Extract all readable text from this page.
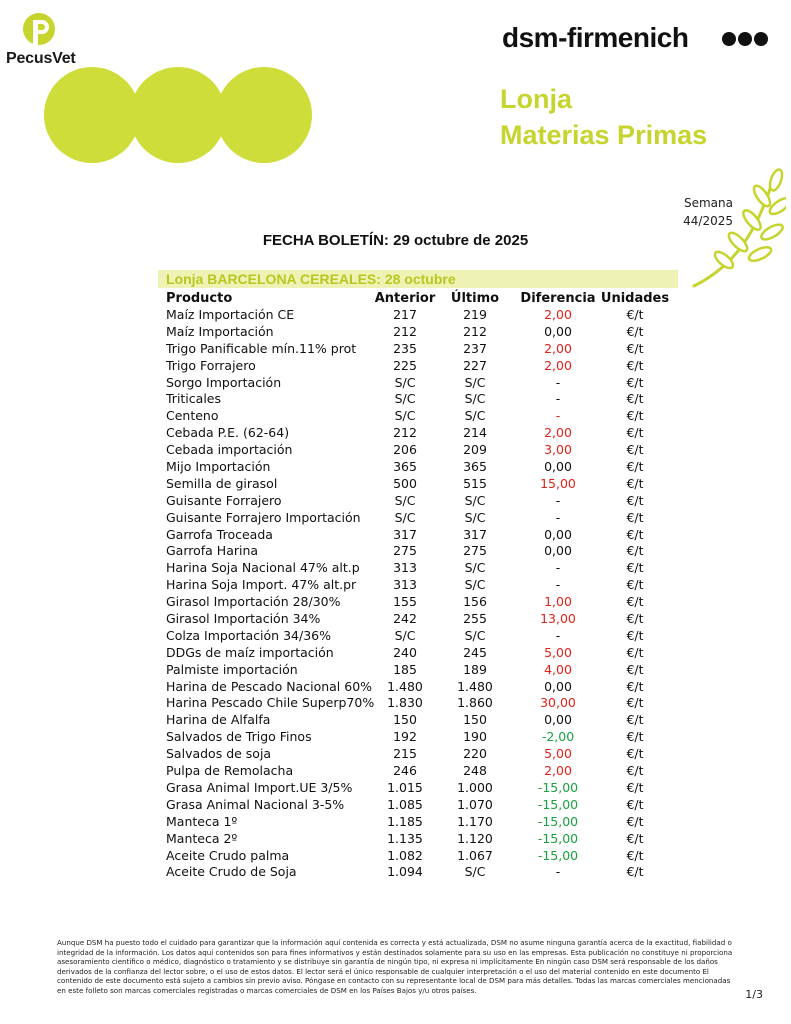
PecusVet
dsm-firmenich
Lonja
Materias Primas
Semana
44/2025
FECHA BOLETÍN: 29 octubre de 2025
Lonja BARCELONA CEREALES: 28 octubre
Producto	Anterior	Último	Diferencia Unidades
Maíz Importación CE	217	219	2,00	€/t
Maíz Importación	212	212	0,00	€/t
Trigo Panificable mín.11% prot	235	237	2,00	€/t
Trigo Forrajero	225	227	2,00	€/t
Sorgo Importación	S/C	S/C	-	€/t
Triticales	S/C	S/C	-	€/t
Centeno	S/C	S/C	-	€/t
Cebada P.E. (62-64)	212	214	2,00	€/t
Cebada importación	206	209	3,00	€/t
Mijo Importación	365	365	0,00	€/t
Semilla de girasol	500	515	15,00	€/t
Guisante Forrajero	S/C	S/C	-	€/t
Guisante Forrajero Importación	S/C	S/C	-	€/t
Garrofa Troceada	317	317	0,00	€/t
Garrofa Harina	275	275	0,00	€/t
Harina Soja Nacional 47% alt.p	313	S/C	-	€/t
Harina Soja Import. 47% alt.pr	313	S/C	-	€/t
Girasol Importación 28/30%	155	156	1,00	€/t
Girasol Importación 34%	242	255	13,00	€/t
Colza Importación 34/36%	S/C	S/C	-	€/t
DDGs de maíz importación	240	245	5,00	€/t
Palmiste importación	185	189	4,00	€/t
Harina de Pescado Nacional 60%	1.480	1.480	0,00	€/t
Harina Pescado Chile Superp70%	1.830	1.860	30,00	€/t
Harina de Alfalfa	150	150	0,00	€/t
Salvados de Trigo Finos	192	190	-2,00	€/t
Salvados de soja	215	220	5,00	€/t
Pulpa de Remolacha	246	248	2,00	€/t
Grasa Animal Import.UE 3/5%	1.015	1.000	-15,00	€/t
Grasa Animal Nacional 3-5%	1.085	1.070	-15,00	€/t
Manteca 1º	1.185	1.170	-15,00	€/t
Manteca 2º	1.135	1.120	-15,00	€/t
Aceite Crudo palma	1.082	1.067	-15,00	€/t
Aceite Crudo de Soja	1.094	S/C	-	€/t
Aunque DSM ha puesto todo el cuidado para garantizar que la información aquí contenida es correcta y está actualizada, DSM no asume ninguna garantía acerca de la exactitud, fiabilidad o integridad de la información. Los datos aquí contenidos son para fines informativos y están destinados solamente para su uso en las empresas. Esta publicación no constituye ni proporciona asesoramiento científico o médico, diagnóstico o tratamiento y se distribuye sin garantía de ningún tipo, ni expresa ni implícitamente En ningún caso DSM será responsable de los daños derivados de la confianza del lector sobre, o el uso de estos datos. El lector será el único responsable de cualquier interpretación o el uso del material contenido en este documento El contenido de este documento está sujeto a cambios sin previo aviso. Póngase en contacto con su representante local de DSM para más detalles. Todas las marcas comerciales mencionadas en este folleto son marcas comerciales registradas o marcas comerciales de DSM en los Países Bajos y/u otros países.	1/3
